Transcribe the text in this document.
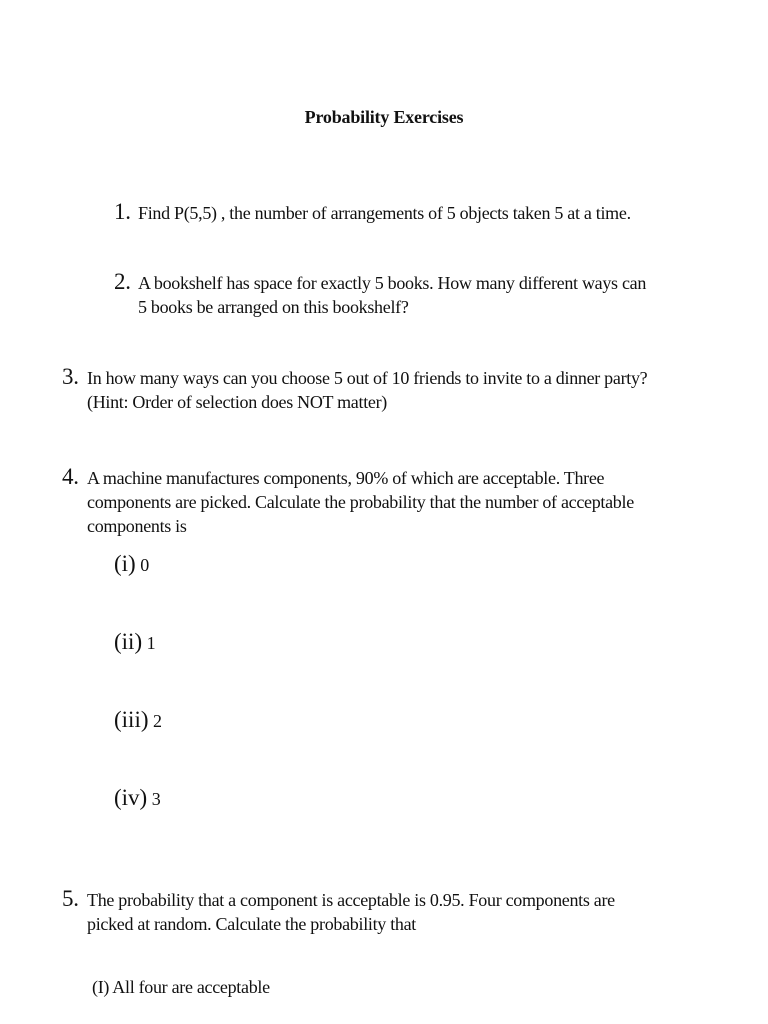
Probability Exercises
1. Find P(5,5) , the number of arrangements of 5 objects taken 5 at a time.
2. A bookshelf has space for exactly 5 books. How many different ways can
5 books be arranged on this bookshelf?
3. In how many ways can you choose 5 out of 10 friends to invite to a dinner party?
(Hint: Order of selection does NOT matter)
4. A machine manufactures components, 90% of which are acceptable. Three
components are picked. Calculate the probability that the number of acceptable
components is
(i) 0
(ii) 1
(iii) 2
(iv) 3
5. The probability that a component is acceptable is 0.95. Four components are
picked at random. Calculate the probability that
(I) All four are acceptable
